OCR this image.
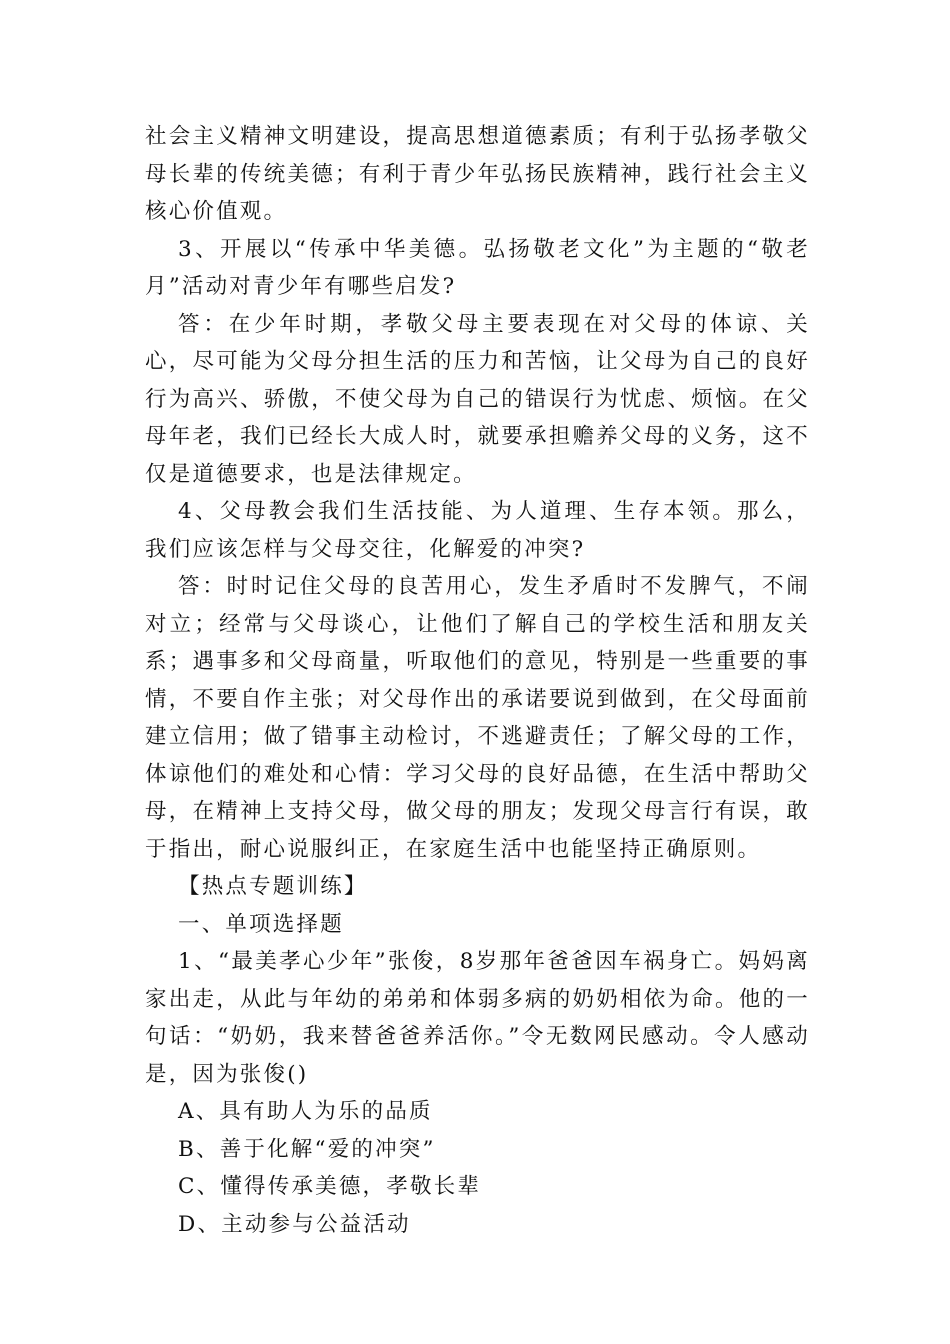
社会主义精神文明建设，提高思想道德素质；有利于弘扬孝敬父母长辈的传统美德；有利于青少年弘扬民族精神，践行社会主义核心价值观。

3、开展以“传承中华美德。弘扬敬老文化”为主题的“敬老月”活动对青少年有哪些启发?

答：在少年时期，孝敬父母主要表现在对父母的体谅、关心，尽可能为父母分担生活的压力和苦恼，让父母为自己的良好行为高兴、骄傲，不使父母为自己的错误行为忧虑、烦恼。在父母年老，我们已经长大成人时，就要承担赡养父母的义务，这不仅是道德要求，也是法律规定。

4、父母教会我们生活技能、为人道理、生存本领。那么，我们应该怎样与父母交往，化解爱的冲突?

答：时时记住父母的良苦用心，发生矛盾时不发脾气，不闹对立；经常与父母谈心，让他们了解自己的学校生活和朋友关系；遇事多和父母商量，听取他们的意见，特别是一些重要的事情，不要自作主张；对父母作出的承诺要说到做到，在父母面前建立信用；做了错事主动检讨，不逃避责任；了解父母的工作，体谅他们的难处和心情：学习父母的良好品德，在生活中帮助父母，在精神上支持父母，做父母的朋友；发现父母言行有误，敢于指出，耐心说服纠正，在家庭生活中也能坚持正确原则。

【热点专题训练】

一、单项选择题

1、“最美孝心少年”张俊，8岁那年爸爸因车祸身亡。妈妈离家出走，从此与年幼的弟弟和体弱多病的奶奶相依为命。他的一句话：“奶奶，我来替爸爸养活你。”令无数网民感动。令人感动是，因为张俊()

A、具有助人为乐的品质

B、善于化解“爱的冲突”

C、懂得传承美德，孝敬长辈

D、主动参与公益活动
